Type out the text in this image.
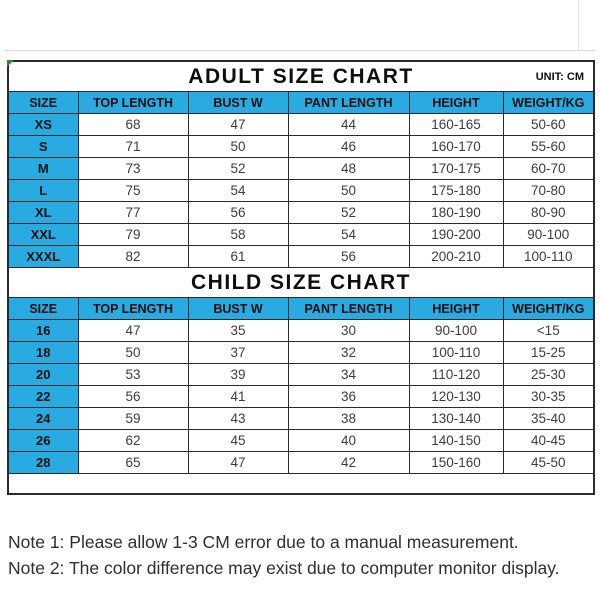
ADULT SIZE CHART UNIT: CM					

SIZE	TOP LENGTH	BUST W	PANT LENGTH	HEIGHT	WEIGHT/KG
XS	68	47	44	160-165	50-60
S	71	50	46	160-170	55-60
M	73	52	48	170-175	60-70
L	75	54	50	175-180	70-80
XL	77	56	52	180-190	80-90
XXL	79	58	54	190-200	90-100
XXXL	82	61	56	200-210	100-110
CHILD SIZE CHART					
SIZE	TOP LENGTH	BUST W	PANT LENGTH	HEIGHT	WEIGHT/KG
16	47	35	30	90-100	<15
18	50	37	32	100-110	15-25
20	53	39	34	110-120	25-30
22	56	41	36	120-130	30-35
24	59	43	38	130-140	35-40
26	62	45	40	140-150	40-45
28	65	47	42	150-160	45-50

Note 1: Please allow 1-3 CM error due to a manual measurement.
Note 2: The color difference may exist due to computer monitor display.
